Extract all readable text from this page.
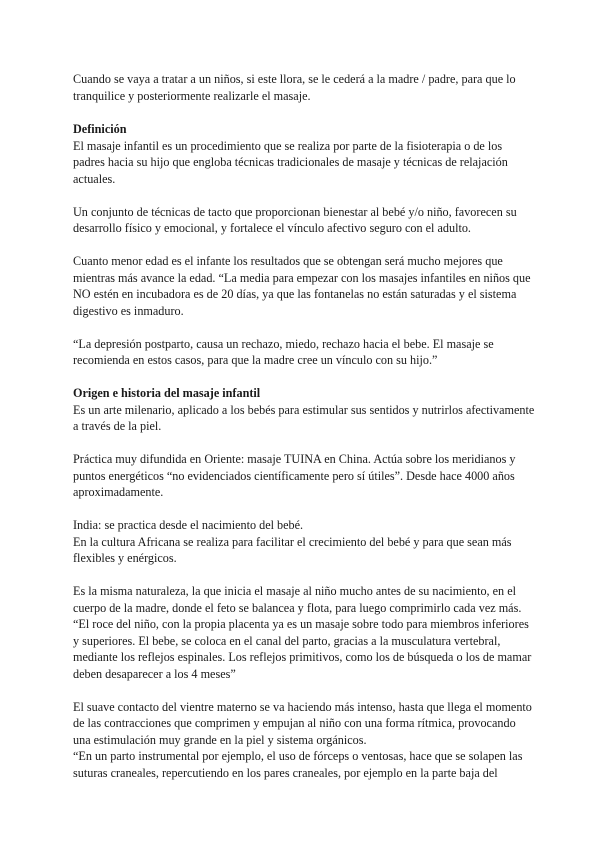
Cuando se vaya a tratar a un niños, si este llora, se le cederá a la madre / padre, para que lo tranquilice y posteriormente realizarle el masaje.

Definición

El masaje infantil es un procedimiento que se realiza por parte de la fisioterapia o de los padres hacia su hijo que engloba técnicas tradicionales de masaje y técnicas de relajación actuales.

Un conjunto de técnicas de tacto que proporcionan bienestar al bebé y/o niño, favorecen su desarrollo físico y emocional, y fortalece el vínculo afectivo seguro con el adulto.

Cuanto menor edad es el infante los resultados que se obtengan será mucho mejores que mientras más avance la edad. “La media para empezar con los masajes infantiles en niños que NO estén en incubadora es de 20 días, ya que las fontanelas no están saturadas y el sistema digestivo es inmaduro.

“La depresión postparto, causa un rechazo, miedo, rechazo hacia el bebe. El masaje se recomienda en estos casos, para que la madre cree un vínculo con su hijo.”

Origen e historia del masaje infantil

Es un arte milenario, aplicado a los bebés para estimular sus sentidos y nutrirlos afectivamente a través de la piel.

Práctica muy difundida en Oriente: masaje TUINA en China. Actúa sobre los meridianos y puntos energéticos “no evidenciados científicamente pero sí útiles”. Desde hace 4000 años aproximadamente.

India: se practica desde el nacimiento del bebé.

En la cultura Africana se realiza para facilitar el crecimiento del bebé y para que sean más flexibles y enérgicos.

Es la misma naturaleza, la que inicia el masaje al niño mucho antes de su nacimiento, en el cuerpo de la madre, donde el feto se balancea y flota, para luego comprimirlo cada vez más.

“El roce del niño, con la propia placenta ya es un masaje sobre todo para miembros inferiores y superiores. El bebe, se coloca en el canal del parto, gracias a la musculatura vertebral, mediante los reflejos espinales. Los reflejos primitivos, como los de búsqueda o los de mamar deben desaparecer a los 4 meses”

El suave contacto del vientre materno se va haciendo más intenso, hasta que llega el momento de las contracciones que comprimen y empujan al niño con una forma rítmica, provocando una estimulación muy grande en la piel y sistema orgánicos.

“En un parto instrumental por ejemplo, el uso de fórceps o ventosas, hace que se solapen las suturas craneales, repercutiendo en los pares craneales, por ejemplo en la parte baja del
